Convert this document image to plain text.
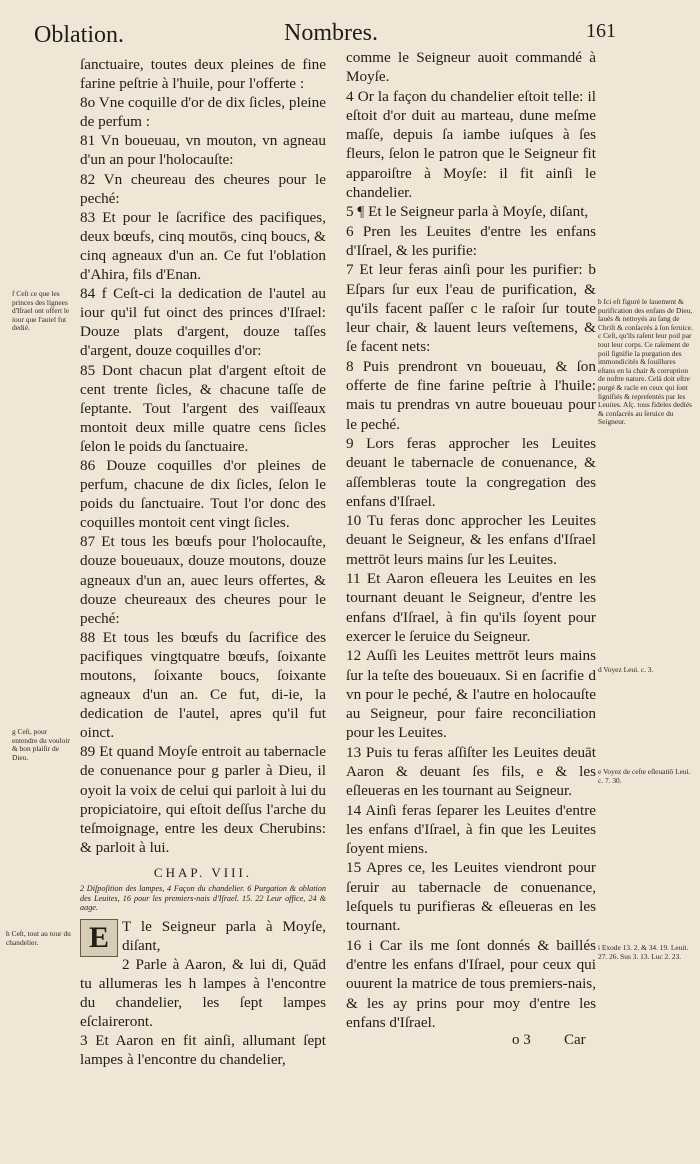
Oblation.	Nombres.	161

ſanctuaire, toutes deux pleines de fine farine peſtrie à l'huile, pour l'offerte :

8o Vne coquille d'or de dix ſicles, pleine de perfum :

81 Vn boueuau, vn mouton, vn agneau d'un an pour l'holocauſte:

82 Vn cheureau des cheures pour le peché:

83 Et pour le ſacrifice des pacifiques, deux bœufs, cinq moutōs, cinq boucs, & cinq agneaux d'un an. Ce fut l'oblation d'Ahira, fils d'Enan.

84 f Ceſt-ci la dedication de l'autel au iour qu'il fut oinct des princes d'Iſrael: Douze plats d'argent, douze taſſes d'argent, douze coquilles d'or:

85 Dont chacun plat d'argent eſtoit de cent trente ſicles, & chacune taſſe de ſeptante. Tout l'argent des vaiſſeaux montoit deux mille quatre cens ſicles ſelon le poids du ſanctuaire.

86 Douze coquilles d'or pleines de perfum, chacune de dix ſicles, ſelon le poids du ſanctuaire. Tout l'or donc des coquilles montoit cent vingt ſicles.

87 Et tous les bœufs pour l'holocauſte, douze boueuaux, douze moutons, douze agneaux d'un an, auec leurs offertes, & douze cheureaux des cheures pour le peché:

88 Et tous les bœufs du ſacrifice des pacifiques vingtquatre bœufs, ſoixante moutons, ſoixante boucs, ſoixante agneaux d'un an. Ce fut, di-ie, la dedication de l'autel, apres qu'il fut oinct.

89 Et quand Moyſe entroit au tabernacle de conuenance pour g parler à Dieu, il oyoit la voix de celui qui parloit à lui du propiciatoire, qui eſtoit deſſus l'arche du teſmoignage, entre les deux Cherubins: & parloit à lui.

CHAP. VIII.
2 Diſpoſition des lampes, 4 Façon du chandelier. 6 Purgation & oblation des Leuites, 16 pour les premiers-nais d'Iſrael. 15. 22 Leur office, 24 & aage.
E T le Seigneur parla à Moyſe, diſant,

2 Parle à Aaron, & lui di, Quād tu allumeras les h lampes à l'encontre du chandelier, les ſept lampes eſclaireront.

3 Et Aaron en fit ainſi, allumant ſept lampes à l'encontre du chandelier,

comme le Seigneur auoit commandé à Moyſe.

4 Or la façon du chandelier eſtoit telle: il eſtoit d'or duit au marteau, dune meſme maſſe, depuis ſa iambe iuſques à ſes fleurs, ſelon le patron que le Seigneur fit apparoiſtre à Moyſe: il fit ainſi le chandelier.

5 ¶ Et le Seigneur parla à Moyſe, diſant,

6 Pren les Leuites d'entre les enfans d'Iſrael, & les purifie:

7 Et leur feras ainſi pour les purifier: b Eſpars ſur eux l'eau de purification, & qu'ils facent paſſer c le raſoir ſur toute leur chair, & lauent leurs veſtemens, & ſe facent nets:

8 Puis prendront vn boueuau, & ſon offerte de fine farine peſtrie à l'huile: mais tu prendras vn autre boueuau pour le peché.

9 Lors feras approcher les Leuites deuant le tabernacle de conuenance, & aſſembleras toute la congregation des enfans d'Iſrael.

10 Tu feras donc approcher les Leuites deuant le Seigneur, & les enfans d'Iſrael mettrōt leurs mains ſur les Leuites.

11 Et Aaron eſleuera les Leuites en les tournant deuant le Seigneur, d'entre les enfans d'Iſrael, à fin qu'ils ſoyent pour exercer le ſeruice du Seigneur.

12 Auſſi les Leuites mettrōt leurs mains ſur la teſte des boueuaux. Si en ſacrifie d vn pour le peché, & l'autre en holocauſte au Seigneur, pour faire reconciliation pour les Leuites.

13 Puis tu feras aſſiſter les Leuites deuāt Aaron & deuant ſes fils, e & les eſleueras en les tournant au Seigneur.

14 Ainſi feras ſeparer les Leuites d'entre les enfans d'Iſrael, à fin que les Leuites ſoyent miens.

15 Apres ce, les Leuites viendront pour ſeruir au tabernacle de conuenance, leſquels tu purifieras & eſleueras en les tournant.

16 i Car ils me ſont donnés & baillés d'entre les enfans d'Iſrael, pour ceux qui ouurent la matrice de tous premiers-nais, & les ay prins pour moy d'entre les enfans d'Iſrael.

f Ceſt ce que les princes des lignees d'Iſrael ont offert le iour que l'autel fut dedié.
g Ceſt, pour entendre du vouloir & bon plaiſir de Dieu.
h Ceſt, tout au tour du chandelier.
b Ici eſt figuré le lauement & purification des enfans de Dieu, laués & nettoyés au ſang de Chriſt & conſacrés à ſon ſeruice. c Ceſt, qu'ils raſent leur poil par tout leur corps. Ce raſement de poil ſignifie la purgation des immondicités & ſouillures eſtans en la chair & corruption de noſtre nature. Celà doit eſtre purgé & racle en ceux qui ſont ſignifiés & repreſentés par les Leuites. Aſç. tous fideles dediés & conſacrés au ſeruice du Seigneur.
d Voyez Leui. c. 3.
e Voyez de ceſte eſleuatiō Leui. c. 7. 30.
i Exode 13. 2. & 34. 19. Leuit. 27. 26. Sus 3. 13. Luc 2. 23.
o 3 Car
